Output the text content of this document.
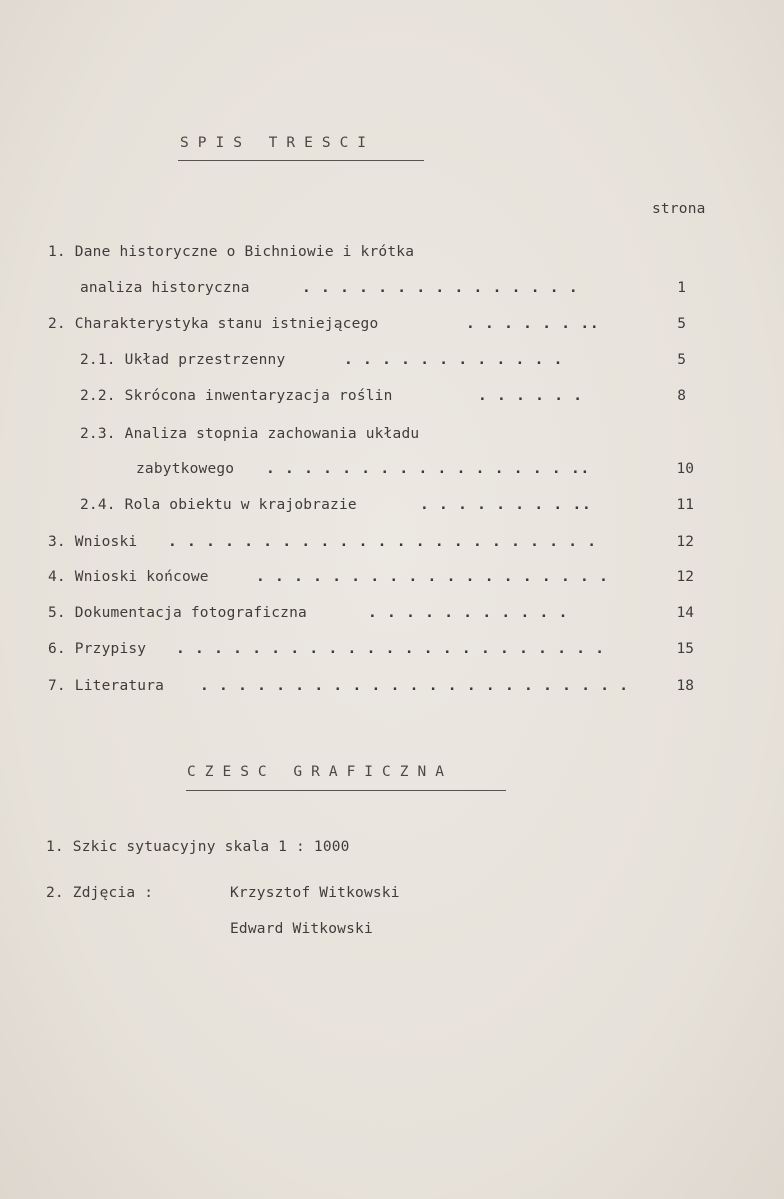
SPIS TRESCI
strona
1. Dane historyczne o Bichniowie i krótka
analiza historyczna	. . . . . . . . . . . . . . .	1
2. Charakterystyka stanu istniejącego	. . . . . . ..	5
2.1. Układ przestrzenny	. . . . . . . . . . . .	5
2.2. Skrócona inwentaryzacja roślin	. . . . . .	8
2.3. Analiza stopnia zachowania układu
zabytkowego . . . . . . . . . . . . . . . . ..	10
2.4. Rola obiektu w krajobrazie	. . . . . . . . ..	11
3. Wnioski . . . . . . . . . . . . . . . . . . . . . . .	12
4. Wnioski końcowe	. . . . . . . . . . . . . . . . . . .	12
5. Dokumentacja fotograficzna	. . . . . . . . . . .	14
6. Przypisy . . . . . . . . . . . . . . . . . . . . . . .	15
7. Literatura . . . . . . . . . . . . . . . . . . . . . . .	18
CZESC GRAFICZNA
1. Szkic sytuacyjny skala 1 : 1000
2. Zdjęcia :	Krzysztof Witkowski
Edward Witkowski
